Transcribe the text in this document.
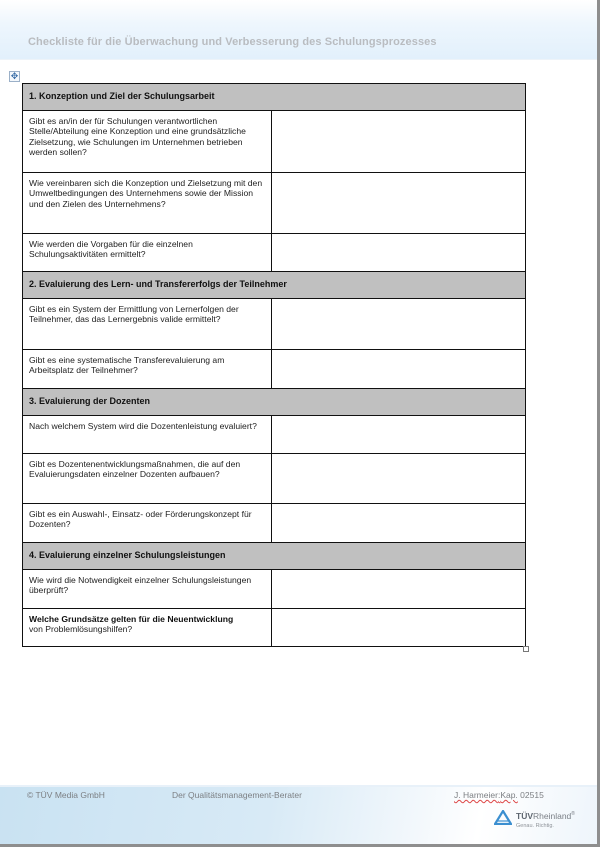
Checkliste für die Überwachung und Verbesserung des Schulungsprozesses
✥
1. Konzeption und Ziel der Schulungsarbeit	
Gibt es an/in der für Schulungen verantwortlichen Stelle/Abteilung eine Konzeption und eine grundsätzliche Zielsetzung, wie Schulungen im Unternehmen betrieben werden sollen?	
Wie vereinbaren sich die Konzeption und Zielsetzung mit den Umweltbedingungen des Unternehmens sowie der Mission und den Zielen des Unternehmens?	
Wie werden die Vorgaben für die einzelnen Schulungsaktivitäten ermittelt?	
2. Evaluierung des Lern- und Transfererfolgs der Teilnehmer	
Gibt es ein System der Ermittlung von Lernerfolgen der Teilnehmer, das das Lernergebnis valide ermittelt?	
Gibt es eine systematische Transferevaluierung am Arbeitsplatz der Teilnehmer?	
3. Evaluierung der Dozenten	
Nach welchem System wird die Dozentenleistung evaluiert?	
Gibt es Dozentenentwicklungsmaßnahmen, die auf den Evaluierungsdaten einzelner Dozenten aufbauen?	
Gibt es ein Auswahl-, Einsatz- oder Förderungskonzept für Dozenten?	
4. Evaluierung einzelner Schulungsleistungen	
Wie wird die Notwendigkeit einzelner Schulungsleistungen überprüft?	
Welche Grundsätze gelten für die Neuentwicklung
von Problemlösungshilfen?	
© TÜV Media GmbH	Der Qualitätsmanagement-Berater	J. Harmeier:Kap. 02515
TÜVRheinland®
Genau. Richtig.
